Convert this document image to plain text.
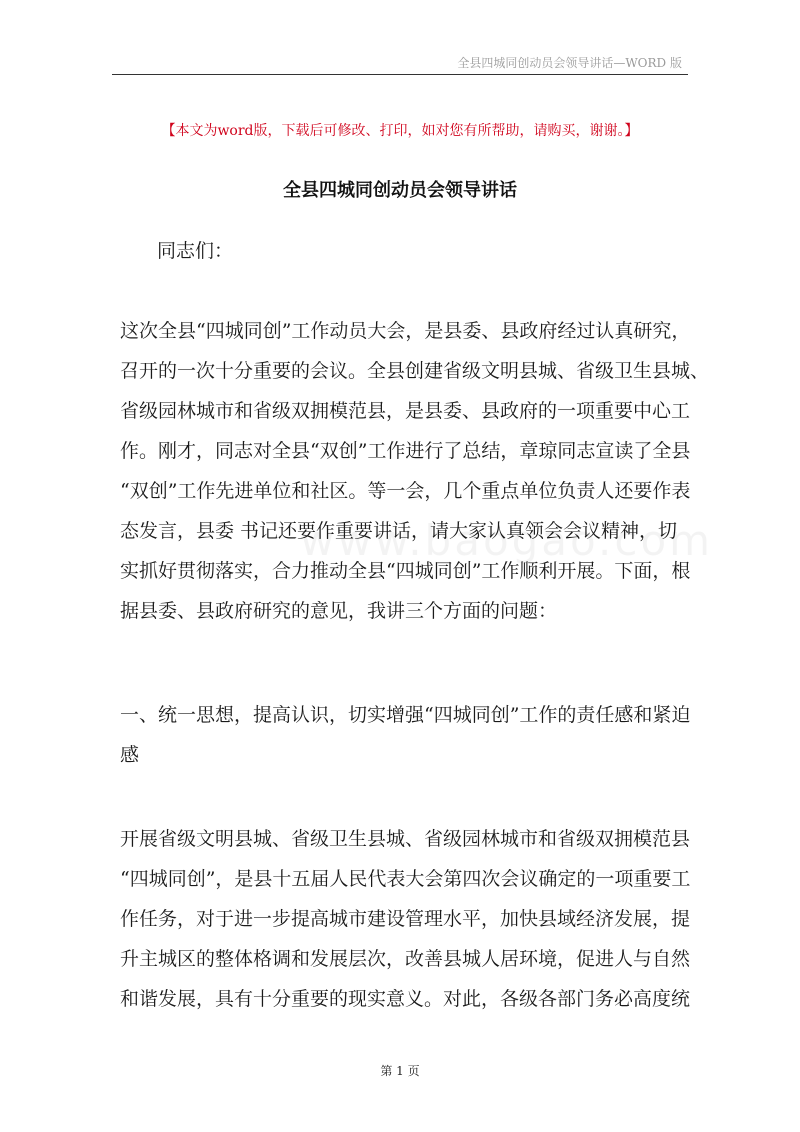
全县四城同创动员会领导讲话—WORD 版
【本文为word版，下载后可修改、打印，如对您有所帮助，请购买，谢谢。】
全县四城同创动员会领导讲话
同志们：
这次全县“四城同创”工作动员大会，是县委、县政府经过认真研究，
召开的一次十分重要的会议。全县创建省级文明县城、省级卫生县城、
省级园林城市和省级双拥模范县，是县委、县政府的一项重要中心工
作。刚才，同志对全县“双创”工作进行了总结，章琼同志宣读了全县
“双创”工作先进单位和社区。等一会，几个重点单位负责人还要作表
态发言，县委 书记还要作重要讲话，请大家认真领会会议精神，切
实抓好贯彻落实，合力推动全县“四城同创”工作顺利开展。下面，根
据县委、县政府研究的意见，我讲三个方面的问题：
一、统一思想，提高认识，切实增强“四城同创”工作的责任感和紧迫
感
开展省级文明县城、省级卫生县城、省级园林城市和省级双拥模范县
“四城同创”，是县十五届人民代表大会第四次会议确定的一项重要工
作任务，对于进一步提高城市建设管理水平，加快县域经济发展，提
升主城区的整体格调和发展层次，改善县城人居环境，促进人与自然
和谐发展，具有十分重要的现实意义。对此，各级各部门务必高度统
第 1 页
